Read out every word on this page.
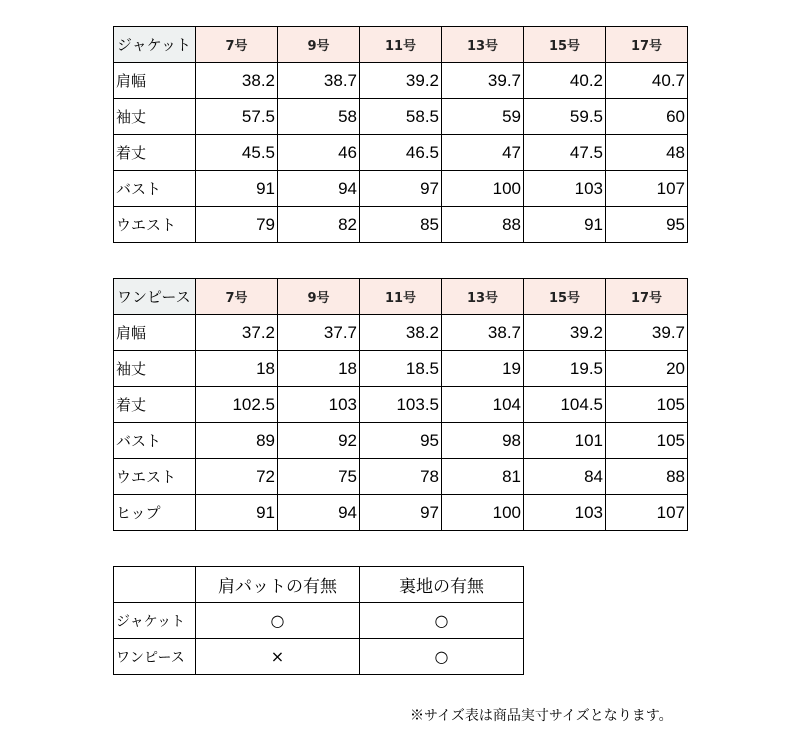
ジャケット	7号	9号	11号	13号	15号	17号
肩幅	38.2	38.7	39.2	39.7	40.2	40.7
袖丈	57.5	58	58.5	59	59.5	60
着丈	45.5	46	46.5	47	47.5	48
バスト	91	94	97	100	103	107
ウエスト	79	82	85	88	91	95
ワンピース	7号	9号	11号	13号	15号	17号
肩幅	37.2	37.7	38.2	38.7	39.2	39.7
袖丈	18	18	18.5	19	19.5	20
着丈	102.5	103	103.5	104	104.5	105
バスト	89	92	95	98	101	105
ウエスト	72	75	78	81	84	88
ヒップ	91	94	97	100	103	107
	肩パットの有無	裏地の有無
ジャケット	○	○
ワンピース	×	○
※サイズ表は商品実寸サイズとなります。
